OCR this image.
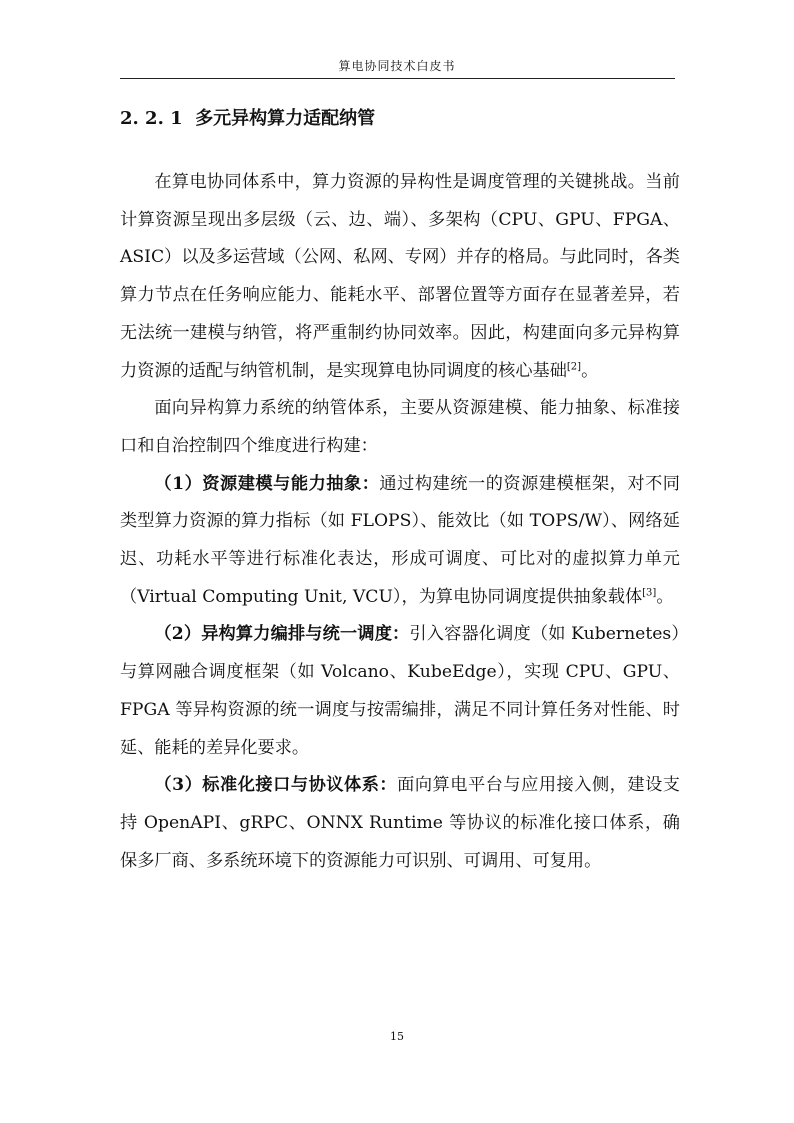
算电协同技术白皮书
2. 2. 1 多元异构算力适配纳管

在算电协同体系中，算力资源的异构性是调度管理的关键挑战。当前计算资源呈现出多层级（云、边、端）、多架构（CPU、GPU、FPGA、ASIC）以及多运营域（公网、私网、专网）并存的格局。与此同时，各类算力节点在任务响应能力、能耗水平、部署位置等方面存在显著差异，若无法统一建模与纳管，将严重制约协同效率。因此，构建面向多元异构算力资源的适配与纳管机制，是实现算电协同调度的核心基础[2]。

面向异构算力系统的纳管体系，主要从资源建模、能力抽象、标准接口和自治控制四个维度进行构建：

（1）资源建模与能力抽象：通过构建统一的资源建模框架，对不同类型算力资源的算力指标（如 FLOPS）、能效比（如 TOPS/W）、网络延迟、功耗水平等进行标准化表达，形成可调度、可比对的虚拟算力单元（Virtual Computing Unit, VCU），为算电协同调度提供抽象载体[3]。

（2）异构算力编排与统一调度：引入容器化调度（如 Kubernetes）与算网融合调度框架（如 Volcano、KubeEdge），实现 CPU、GPU、FPGA 等异构资源的统一调度与按需编排，满足不同计算任务对性能、时延、能耗的差异化要求。

（3）标准化接口与协议体系：面向算电平台与应用接入侧，建设支持 OpenAPI、gRPC、ONNX Runtime 等协议的标准化接口体系，确保多厂商、多系统环境下的资源能力可识别、可调用、可复用。

15
